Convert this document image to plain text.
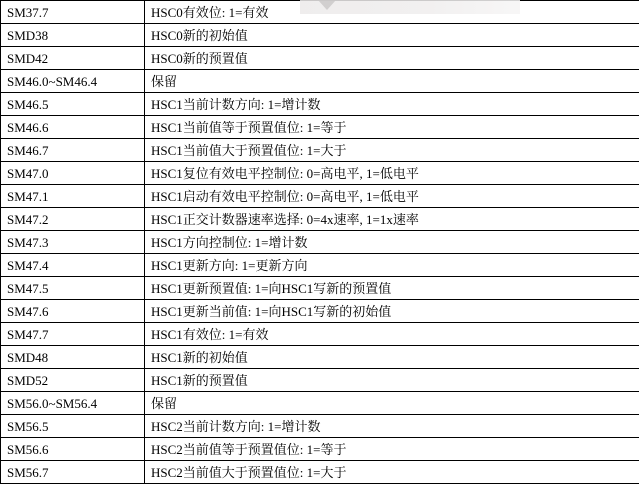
SM37.7	HSC0有效位: 1=有效
SMD38	HSC0新的初始值
SMD42	HSC0新的预置值
SM46.0~SM46.4	保留
SM46.5	HSC1当前计数方向: 1=增计数
SM46.6	HSC1当前值等于预置值位: 1=等于
SM46.7	HSC1当前值大于预置值位: 1=大于
SM47.0	HSC1复位有效电平控制位: 0=高电平, 1=低电平
SM47.1	HSC1启动有效电平控制位: 0=高电平, 1=低电平
SM47.2	HSC1正交计数器速率选择: 0=4x速率, 1=1x速率
SM47.3	HSC1方向控制位: 1=增计数
SM47.4	HSC1更新方向: 1=更新方向
SM47.5	HSC1更新预置值: 1=向HSC1写新的预置值
SM47.6	HSC1更新当前值: 1=向HSC1写新的初始值
SM47.7	HSC1有效位: 1=有效
SMD48	HSC1新的初始值
SMD52	HSC1新的预置值
SM56.0~SM56.4	保留
SM56.5	HSC2当前计数方向: 1=增计数
SM56.6	HSC2当前值等于预置值位: 1=等于
SM56.7	HSC2当前值大于预置值位: 1=大于
